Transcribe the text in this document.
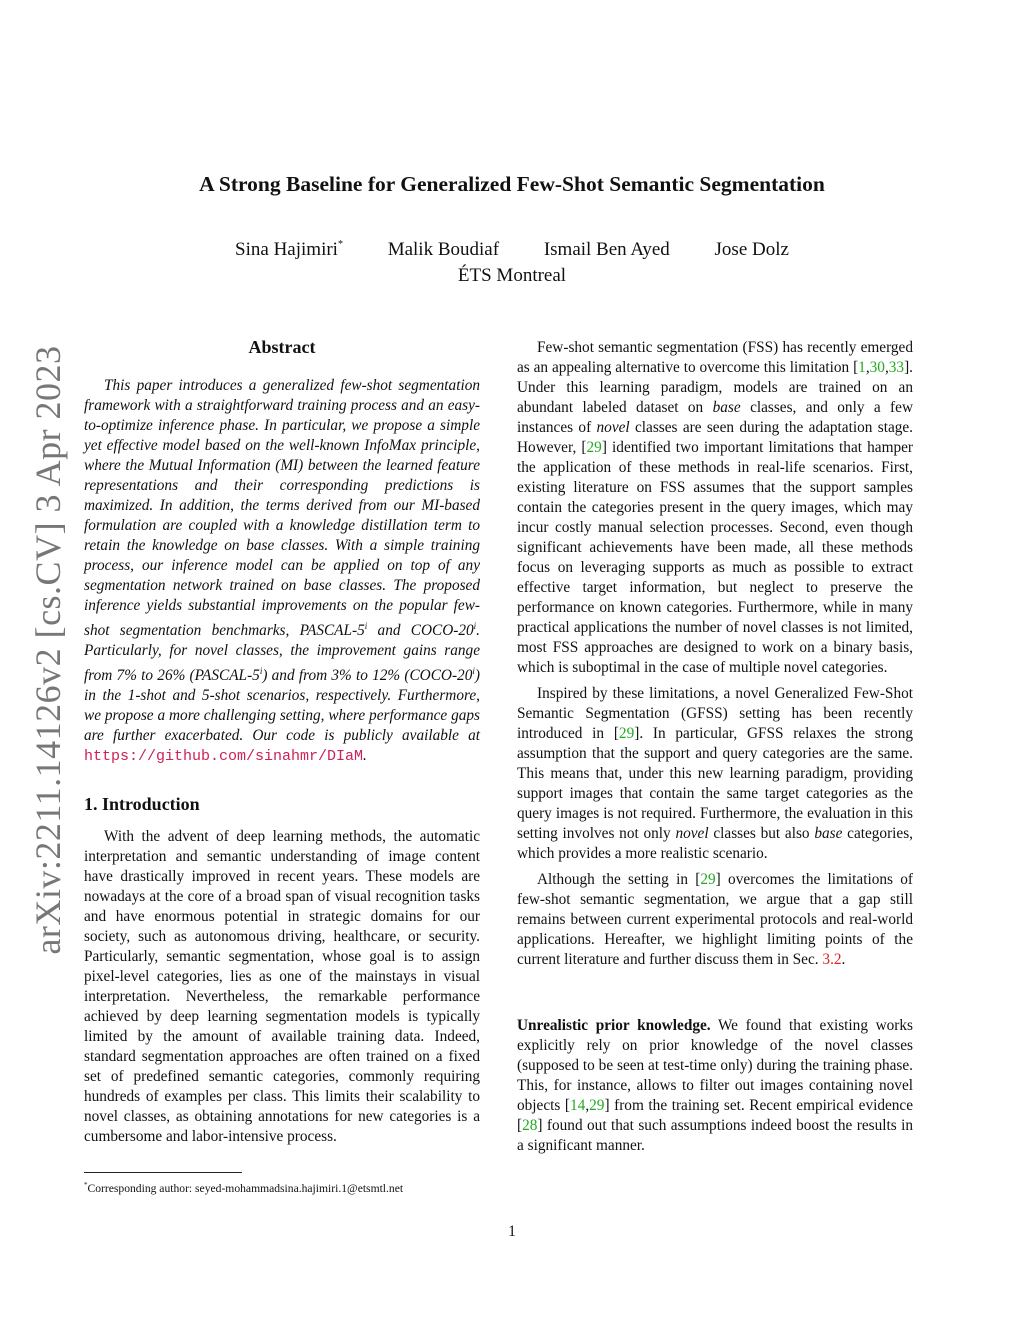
arXiv:2211.14126v2 [cs.CV] 3 Apr 2023
A Strong Baseline for Generalized Few-Shot Semantic Segmentation
Sina Hajimiri* Malik Boudiaf Ismail Ben Ayed Jose Dolz
ÉTS Montreal
Abstract

This paper introduces a generalized few-shot segmentation framework with a straightforward training process and an easy-to-optimize inference phase. In particular, we propose a simple yet effective model based on the well-known InfoMax principle, where the Mutual Information (MI) between the learned feature representations and their corresponding predictions is maximized. In addition, the terms derived from our MI-based formulation are coupled with a knowledge distillation term to retain the knowledge on base classes. With a simple training process, our inference model can be applied on top of any segmentation network trained on base classes. The proposed inference yields substantial improvements on the popular few-shot segmentation benchmarks, PASCAL-5$^i$ and COCO-20$^i$. Particularly, for novel classes, the improvement gains range from 7% to 26% (PASCAL-5$^i$) and from 3% to 12% (COCO-20$^i$) in the 1-shot and 5-shot scenarios, respectively. Furthermore, we propose a more challenging setting, where performance gaps are further exacerbated. Our code is publicly available at https://github.com/sinahmr/DIaM.

1. Introduction

With the advent of deep learning methods, the automatic interpretation and semantic understanding of image content have drastically improved in recent years. These models are nowadays at the core of a broad span of visual recognition tasks and have enormous potential in strategic domains for our society, such as autonomous driving, healthcare, or security. Particularly, semantic segmentation, whose goal is to assign pixel-level categories, lies as one of the mainstays in visual interpretation. Nevertheless, the remarkable performance achieved by deep learning segmentation models is typically limited by the amount of available training data. Indeed, standard segmentation approaches are often trained on a fixed set of predefined semantic categories, commonly requiring hundreds of examples per class. This limits their scalability to novel classes, as obtaining annotations for new categories is a cumbersome and labor-intensive process.

*Corresponding author: seyed-mohammadsina.hajimiri.1@etsmtl.net

Few-shot semantic segmentation (FSS) has recently emerged as an appealing alternative to overcome this limitation [1,30,33]. Under this learning paradigm, models are trained on an abundant labeled dataset on base classes, and only a few instances of novel classes are seen during the adaptation stage. However, [29] identified two important limitations that hamper the application of these methods in real-life scenarios. First, existing literature on FSS assumes that the support samples contain the categories present in the query images, which may incur costly manual selection processes. Second, even though significant achievements have been made, all these methods focus on leveraging supports as much as possible to extract effective target information, but neglect to preserve the performance on known categories. Furthermore, while in many practical applications the number of novel classes is not limited, most FSS approaches are designed to work on a binary basis, which is suboptimal in the case of multiple novel categories.

Inspired by these limitations, a novel Generalized Few-Shot Semantic Segmentation (GFSS) setting has been recently introduced in [29]. In particular, GFSS relaxes the strong assumption that the support and query categories are the same. This means that, under this new learning paradigm, providing support images that contain the same target categories as the query images is not required. Furthermore, the evaluation in this setting involves not only novel classes but also base categories, which provides a more realistic scenario.

Although the setting in [29] overcomes the limitations of few-shot semantic segmentation, we argue that a gap still remains between current experimental protocols and real-world applications. Hereafter, we highlight limiting points of the current literature and further discuss them in Sec. 3.2.

Unrealistic prior knowledge. We found that existing works explicitly rely on prior knowledge of the novel classes (supposed to be seen at test-time only) during the training phase. This, for instance, allows to filter out images containing novel objects [14,29] from the training set. Recent empirical evidence [28] found out that such assumptions indeed boost the results in a significant manner.

1
